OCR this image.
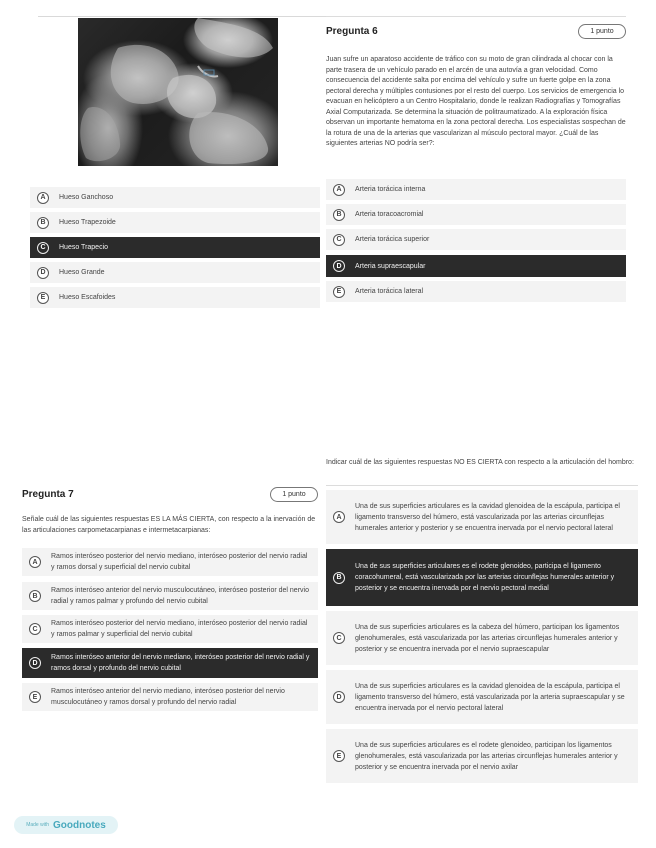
A	Hueso Ganchoso
B	Hueso Trapezoide
C	Hueso Trapecio
D	Hueso Grande
E	Hueso Escafoides
Pregunta 6	1 punto
Juan sufre un aparatoso accidente de tráfico con su moto de gran cilindrada al chocar con la parte trasera de un vehículo parado en el arcén de una autovía a gran velocidad. Como consecuencia del accidente salta por encima del vehículo y sufre un fuerte golpe en la zona pectoral derecha y múltiples contusiones por el resto del cuerpo. Los servicios de emergencia lo evacuan en helicóptero a un Centro Hospitalario, donde le realizan Radiografías y Tomografías Axial Computarizada. Se determina la situación de politraumatizado. A la exploración física observan un importante hematoma en la zona pectoral derecha. Los especialistas sospechan de la rotura de una de la arterias que vascularizan al músculo pectoral mayor. ¿Cuál de las siguientes arterias NO podría ser?:
A	Arteria torácica interna
B	Arteria toracoacromial
C	Arteria torácica superior
D	Arteria supraescapular
E	Arteria torácica lateral
Pregunta 7	1 punto
Señale cuál de las siguientes respuestas ES LA MÁS CIERTA, con respecto a la inervación de las articulaciones carpometacarpianas e intermetacarpianas:
A
Ramos interóseo posterior del nervio mediano, interóseo posterior del nervio radial y ramos dorsal y superficial del nervio cubital
B
Ramos interóseo anterior del nervio musculocutáneo, interóseo posterior del nervio radial y ramos palmar y profundo del nervio cubital
C
Ramos interóseo posterior del nervio mediano, interóseo posterior del nervio radial y ramos palmar y superficial del nervio cubital
D
Ramos interóseo anterior del nervio mediano, interóseo posterior del nervio radial y ramos dorsal y profundo del nervio cubital
E
Ramos interóseo anterior del nervio mediano, interóseo posterior del nervio musculocutáneo y ramos dorsal y profundo del nervio radial
Indicar cuál de las siguientes respuestas NO ES CIERTA con respecto a la articulación del hombro:
A
Una de sus superficies articulares es la cavidad glenoidea de la escápula, participa el ligamento transverso del húmero, está vascularizada por las arterias circunflejas humerales anterior y posterior y se encuentra inervada por el nervio pectoral lateral
B
Una de sus superficies articulares es el rodete glenoideo, participa el ligamento coracohumeral, está vascularizada por las arterias circunflejas humerales anterior y posterior y se encuentra inervada por el nervio pectoral medial
C
Una de sus superficies articulares es la cabeza del húmero, participan los ligamentos glenohumerales, está vascularizada por las arterias circunflejas humerales anterior y posterior y se encuentra inervada por el nervio supraescapular
D
Una de sus superficies articulares es la cavidad glenoidea de la escápula, participa el ligamento transverso del húmero, está vascularizada por la arteria supraescapular y se encuentra inervada por el nervio pectoral lateral
E
Una de sus superficies articulares es el rodete glenoideo, participan los ligamentos glenohumerales, está vascularizada por las arterias circunflejas humerales anterior y posterior y se encuentra inervada por el nervio axilar
Made with Goodnotes
